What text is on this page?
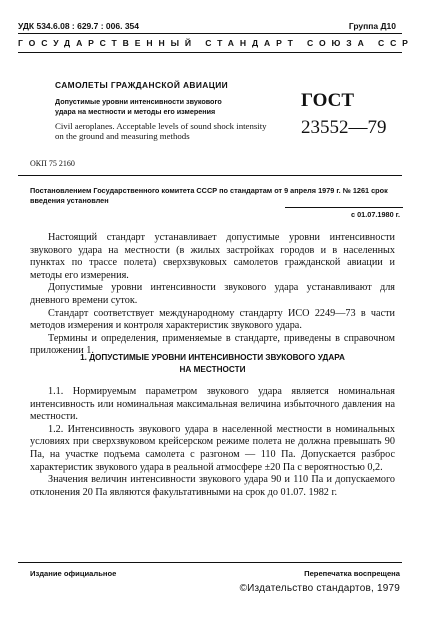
УДК 534.6.08 : 629.7 : 006. 354	Группа Д10
ГОСУДАРСТВЕННЫЙ СТАНДАРТ СОЮЗА ССР
САМОЛЕТЫ ГРАЖДАНСКОЙ АВИАЦИИ
Допустимые уровни интенсивности звукового удара на местности и методы его измерения
Civil aeroplanes. Acceptable levels of sound shock intensity on the ground and measuring methods
ГОСТ
23552—79
ОКП 75 2160
Постановлением Государственного комитета СССР по стандартам от 9 апреля 1979 г. № 1261 срок введения установлен
с 01.07.1980 г.

Настоящий стандарт устанавливает допустимые уровни интенсивности звукового удара на местности (в жилых застройках городов и в населенных пунктах по трассе полета) сверхзвуковых самолетов гражданской авиации и методы его измерения.

Допустимые уровни интенсивности звукового удара устанавливают для дневного времени суток.

Стандарт соответствует международному стандарту ИСО 2249—73 в части методов измерения и контроля характеристик звукового удара.

Термины и определения, применяемые в стандарте, приведены в справочном приложении 1.

1. ДОПУСТИМЫЕ УРОВНИ ИНТЕНСИВНОСТИ ЗВУКОВОГО УДАРА
НА МЕСТНОСТИ

1.1. Нормируемым параметром звукового удара является номинальная интенсивность или номинальная максимальная величина избыточного давления на местности.

1.2. Интенсивность звукового удара в населенной местности в номинальных условиях при сверхзвуковом крейсерском режиме полета не должна превышать 90 Па, на участке подъема самолета с разгоном — 110 Па. Допускается разброс характеристик звукового удара в реальной атмосфере ±20 Па с вероятностью 0,2.

Значения величин интенсивности звукового удара 90 и 110 Па и допускаемого отклонения 20 Па являются факультативными на срок до 01.07. 1982 г.

Издание официальное	Перепечатка воспрещена
©Издательство стандартов, 1979
